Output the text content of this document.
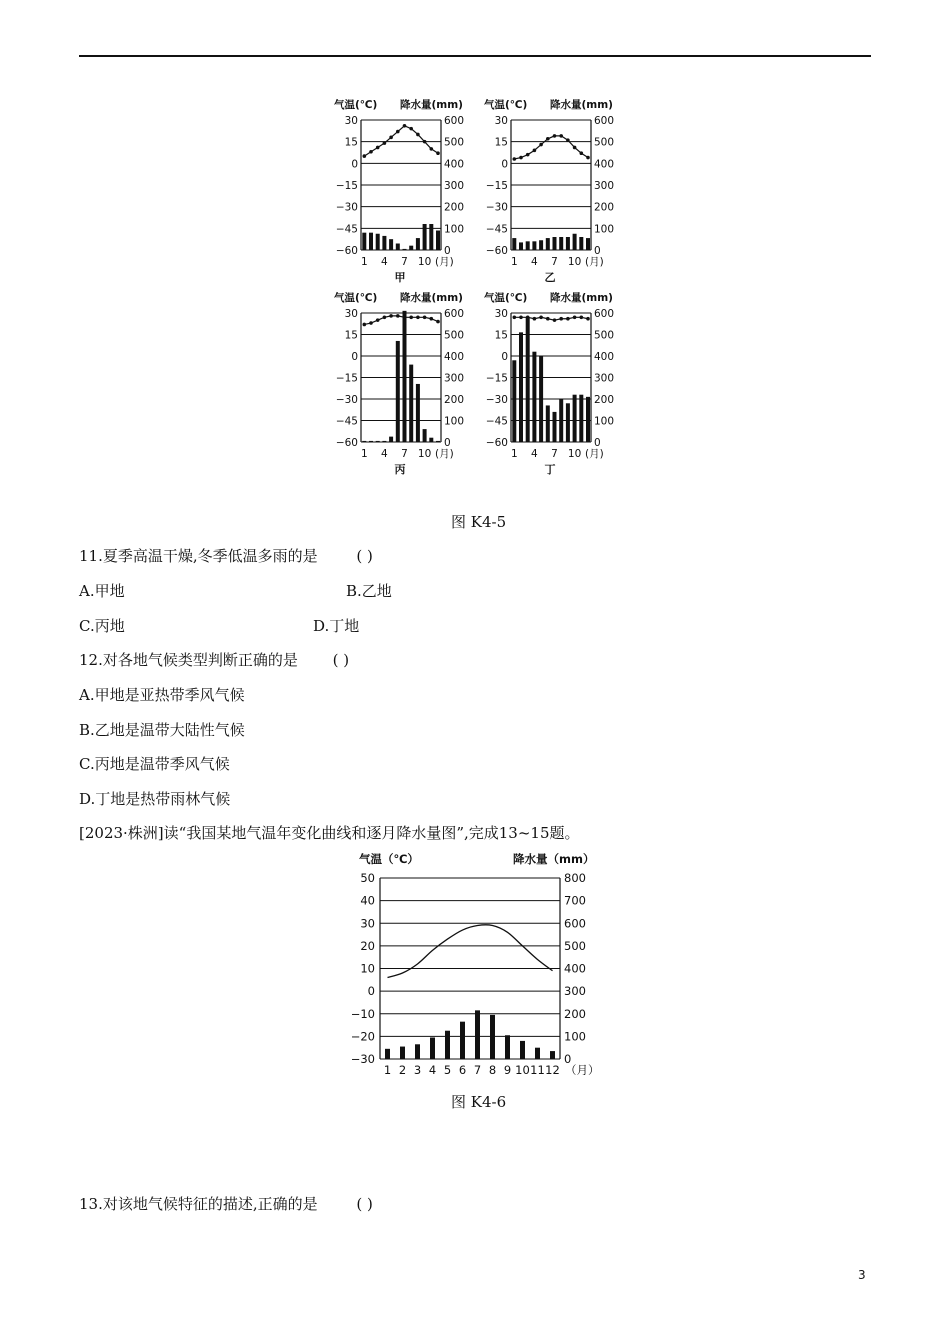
气温(℃) 降水量(mm)
30	600
15	500
0	400
−15	300
−30	200
−45	100
−60	0
1 4 7 10 (月)
甲
气温(℃) 降水量(mm)
30	600
15	500
0	400
−15	300
−30	200
−45	100
−60	0
1 4 7 10 (月)
乙
气温(℃) 降水量(mm)
30	600
15	500
0	400
−15	300
−30	200
−45	100
−60	0
1 4 7 10 (月)
丙
气温(℃) 降水量(mm)
30	600
15	500
0	400
−15	300
−30	200
−45	100
−60	0
1 4 7 10 (月)
丁
图 K4-5
11.夏季高温干燥,冬季低温多雨的是	( )
A.甲地	B.乙地
C.丙地	D.丁地
12.对各地气候类型判断正确的是 ( )
A.甲地是亚热带季风气候
B.乙地是温带大陆性气候
C.丙地是温带季风气候
D.丁地是热带雨林气候
[2023·株洲]读“我国某地气温年变化曲线和逐月降水量图”,完成13~15题。
气温（℃）	降水量（mm）
50
40
30
20
10
0
−10
−20
−30
800
700
600
500
400
300
200
100
0
1 2 3 4 5 6 7 8 9 10 11 12 （月）
图 K4-6
13.对该地气候特征的描述,正确的是	( )
3
